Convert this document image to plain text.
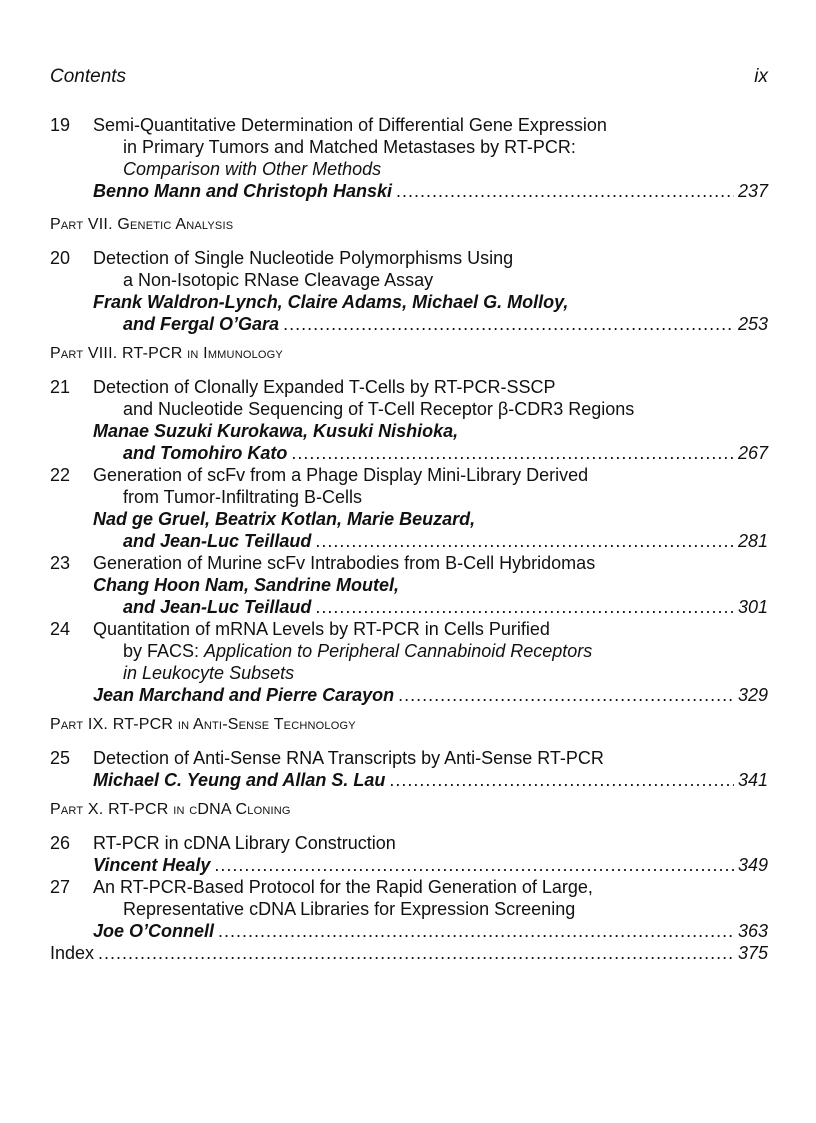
Contents	ix
19	Semi-Quantitative Determination of Differential Gene Expression
in Primary Tumors and Matched Metastases by RT-PCR:
Comparison with Other Methods
Benno Mann and Christoph Hanski .....	237
Part VII. Genetic Analysis
20	Detection of Single Nucleotide Polymorphisms Using
a Non-Isotopic RNase Cleavage Assay
Frank Waldron-Lynch, Claire Adams, Michael G. Molloy,
and Fergal O’Gara .....	253
Part VIII. RT-PCR in Immunology
21	Detection of Clonally Expanded T-Cells by RT-PCR-SSCP
and Nucleotide Sequencing of T-Cell Receptor β-CDR3 Regions
Manae Suzuki Kurokawa, Kusuki Nishioka,
and Tomohiro Kato .....	267
22	Generation of scFv from a Phage Display Mini-Library Derived
from Tumor-Infiltrating B-Cells
Nad ge Gruel, Beatrix Kotlan, Marie Beuzard,
and Jean-Luc Teillaud .....	281
23	Generation of Murine scFv Intrabodies from B-Cell Hybridomas
Chang Hoon Nam, Sandrine Moutel,
and Jean-Luc Teillaud .....	301
24	Quantitation of mRNA Levels by RT-PCR in Cells Purified
by FACS: Application to Peripheral Cannabinoid Receptors
in Leukocyte Subsets
Jean Marchand and Pierre Carayon .....	329
Part IX. RT-PCR in Anti-Sense Technology
25	Detection of Anti-Sense RNA Transcripts by Anti-Sense RT-PCR
Michael C. Yeung and Allan S. Lau .....	341
Part X. RT-PCR in cDNA Cloning
26	RT-PCR in cDNA Library Construction
Vincent Healy .....	349
27	An RT-PCR-Based Protocol for the Rapid Generation of Large,
Representative cDNA Libraries for Expression Screening
Joe O’Connell .....	363
Index .....	375
